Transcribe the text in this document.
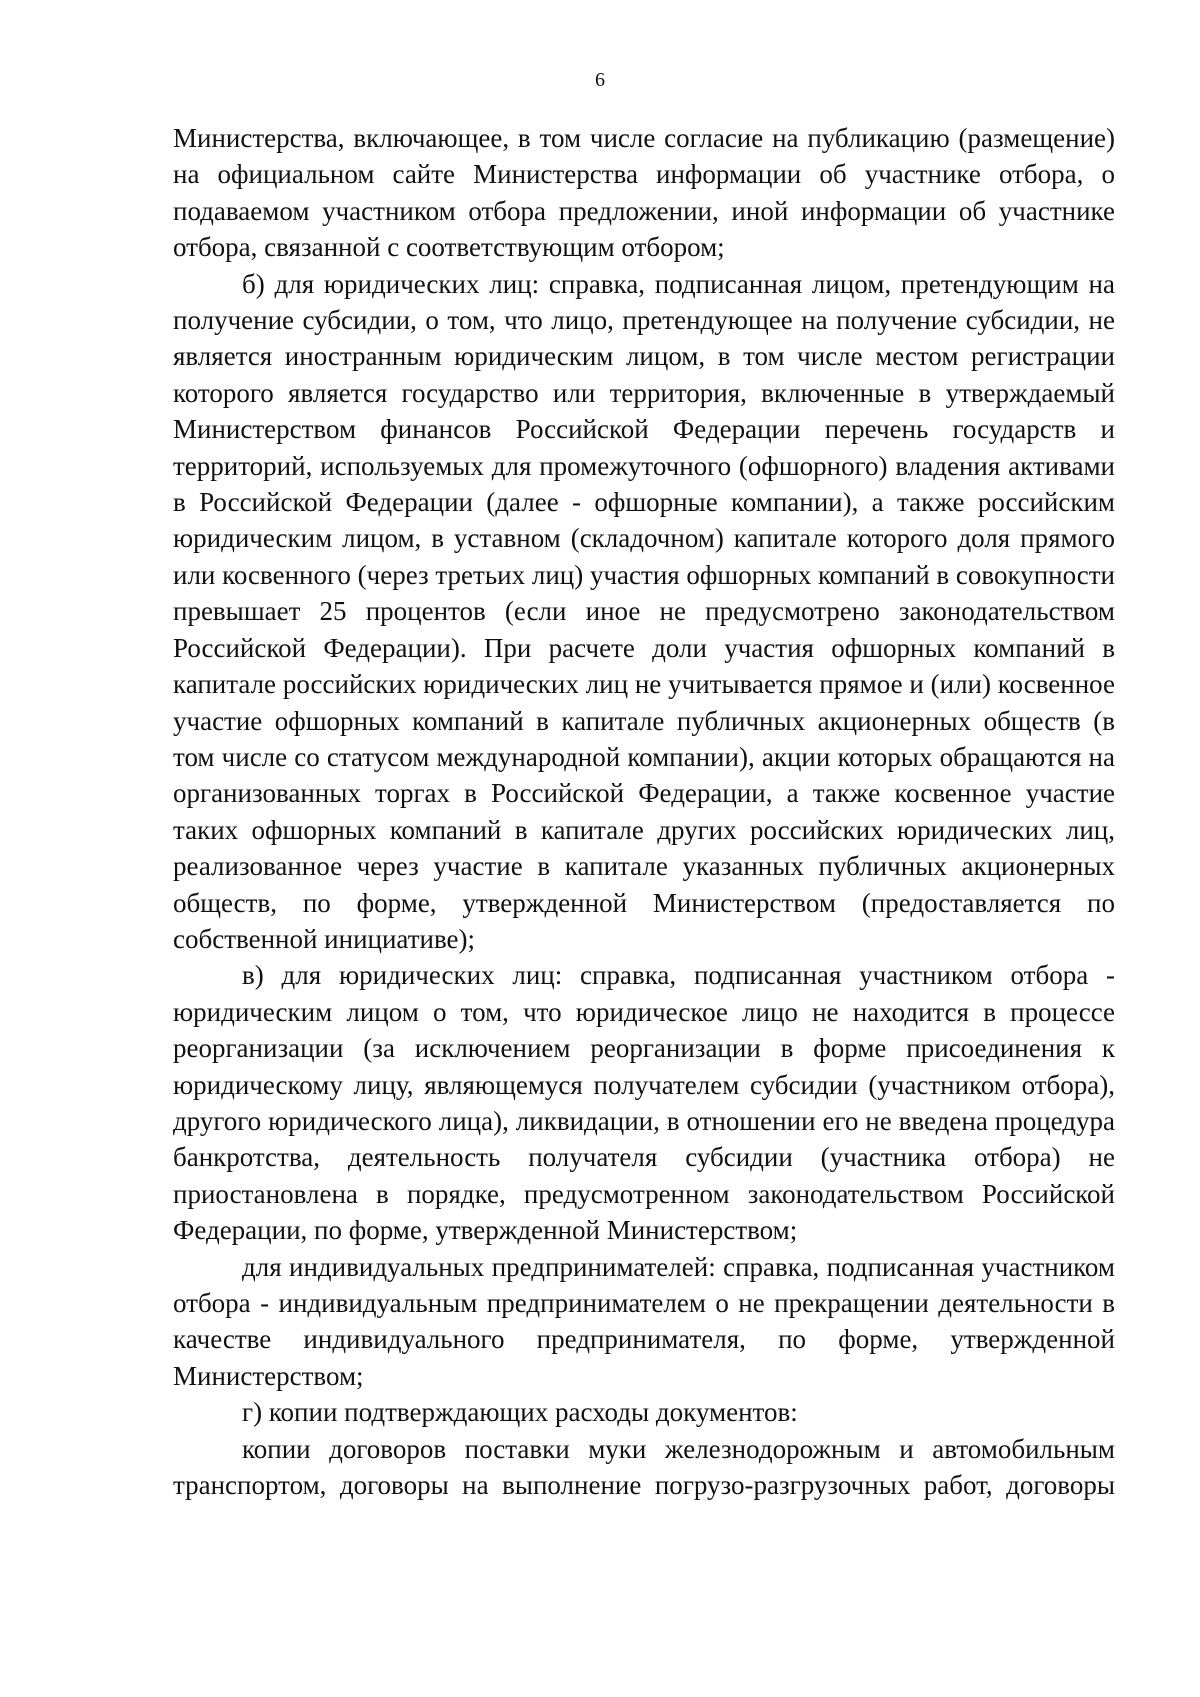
6

Министерства, включающее, в том числе согласие на публикацию (размещение) на официальном сайте Министерства информации об участнике отбора, о подаваемом участником отбора предложении, иной информации об участнике отбора, связанной с соответствующим отбором;

б) для юридических лиц: справка, подписанная лицом, претендующим на получение субсидии, о том, что лицо, претендующее на получение субсидии, не является иностранным юридическим лицом, в том числе местом регистрации которого является государство или территория, включенные в утверждаемый Министерством финансов Российской Федерации перечень государств и территорий, используемых для промежуточного (офшорного) владения активами в Российской Федерации (далее - офшорные компании), а также российским юридическим лицом, в уставном (складочном) капитале которого доля прямого или косвенного (через третьих лиц) участия офшорных компаний в совокупности превышает 25 процентов (если иное не предусмотрено законодательством Российской Федерации). При расчете доли участия офшорных компаний в капитале российских юридических лиц не учитывается прямое и (или) косвенное участие офшорных компаний в капитале публичных акционерных обществ (в том числе со статусом международной компании), акции которых обращаются на организованных торгах в Российской Федерации, а также косвенное участие таких офшорных компаний в капитале других российских юридических лиц, реализованное через участие в капитале указанных публичных акционерных обществ, по форме, утвержденной Министерством (предоставляется по собственной инициативе);

в) для юридических лиц: справка, подписанная участником отбора - юридическим лицом о том, что юридическое лицо не находится в процессе реорганизации (за исключением реорганизации в форме присоединения к юридическому лицу, являющемуся получателем субсидии (участником отбора), другого юридического лица), ликвидации, в отношении его не введена процедура банкротства, деятельность получателя субсидии (участника отбора) не приостановлена в порядке, предусмотренном законодательством Российской Федерации, по форме, утвержденной Министерством;

для индивидуальных предпринимателей: справка, подписанная участником отбора - индивидуальным предпринимателем о не прекращении деятельности в качестве индивидуального предпринимателя, по форме, утвержденной Министерством;

г) копии подтверждающих расходы документов:

копии договоров поставки муки железнодорожным и автомобильным транспортом, договоры на выполнение погрузо-разгрузочных работ, договоры
